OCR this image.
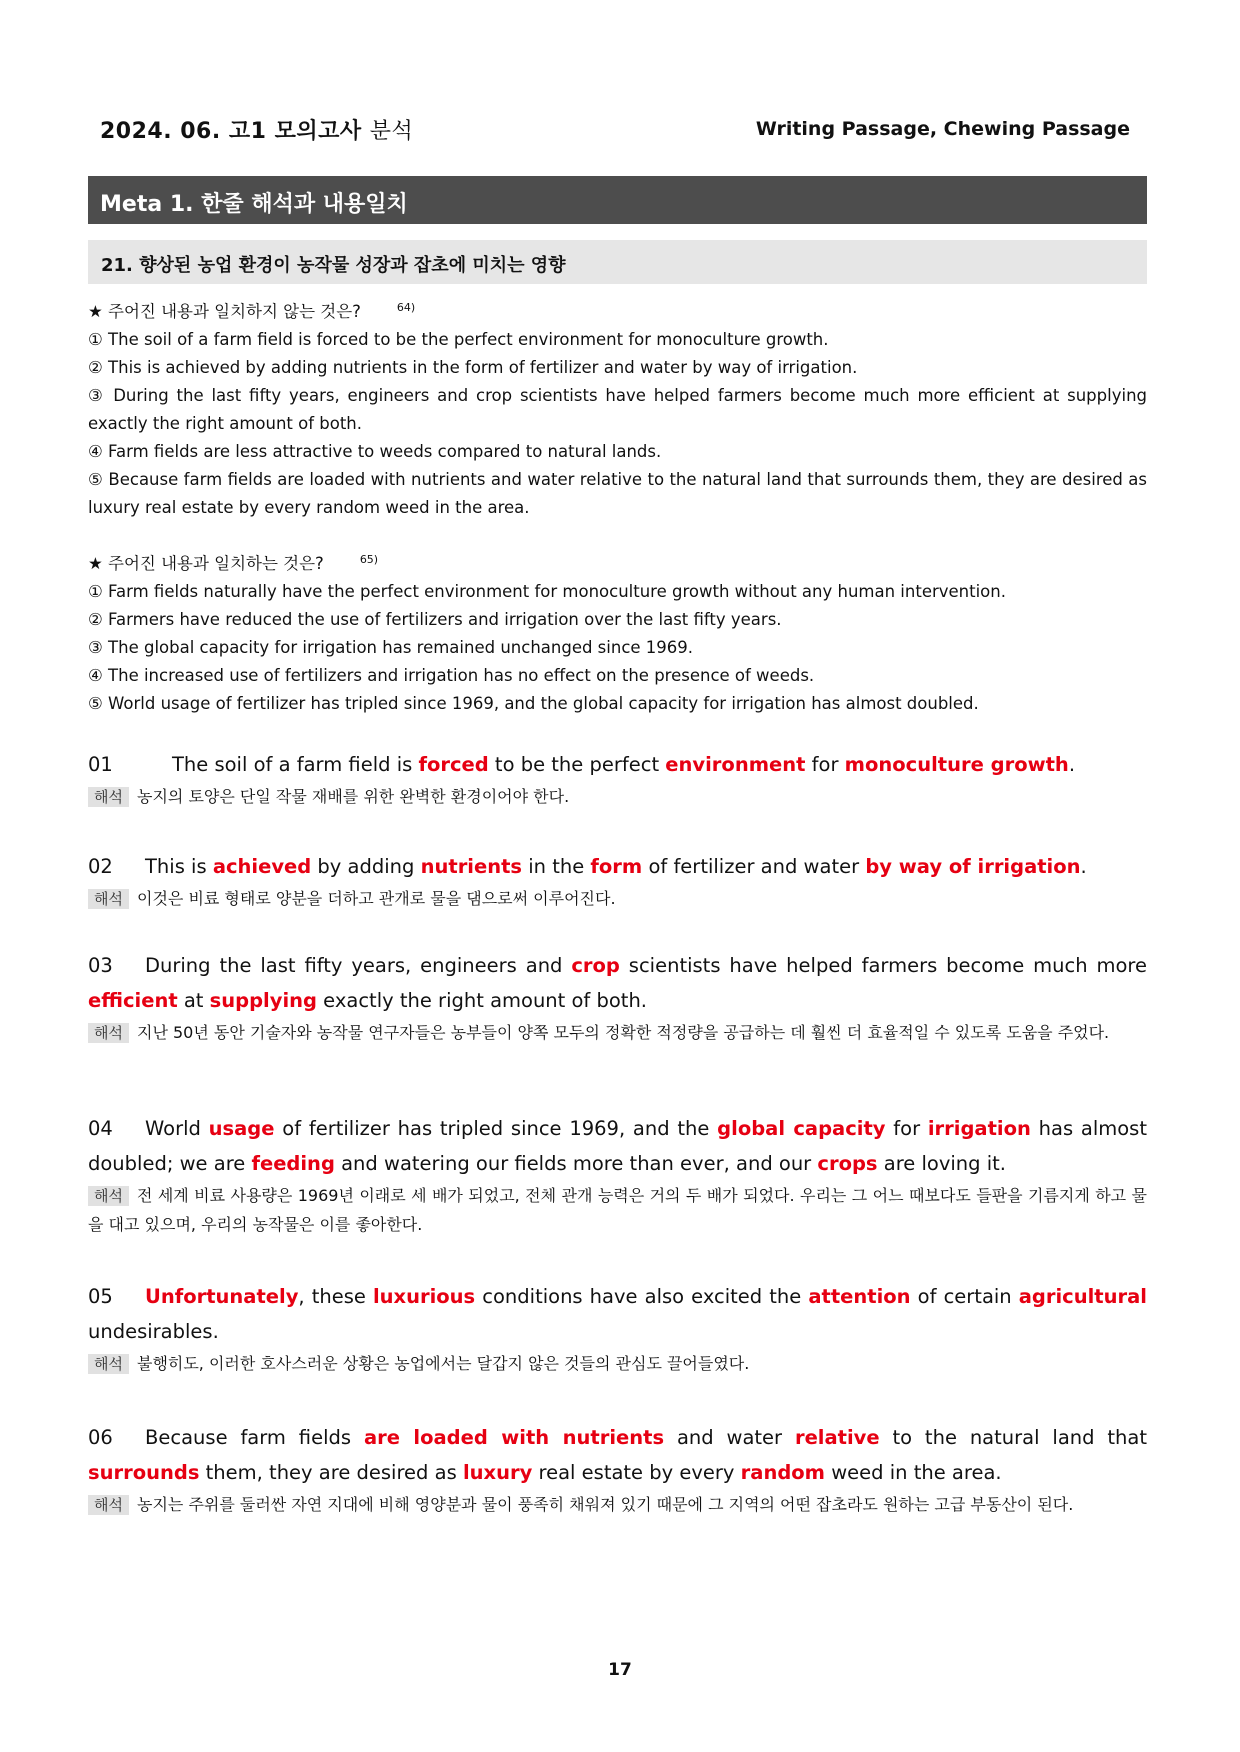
2024. 06. 고1 모의고사 분석	Writing Passage, Chewing Passage
Meta 1. 한줄 해석과 내용일치
21. 향상된 농업 환경이 농작물 성장과 잡초에 미치는 영향

★ 주어진 내용과 일치하지 않는 것은?	$^{64)}$

① The soil of a farm field is forced to be the perfect environment for monoculture growth.

② This is achieved by adding nutrients in the form of fertilizer and water by way of irrigation.

③ During the last fifty years, engineers and crop scientists have helped farmers become much more efficient at supplying exactly the right amount of both.

④ Farm fields are less attractive to weeds compared to natural lands.

⑤ Because farm fields are loaded with nutrients and water relative to the natural land that surrounds them, they are desired as luxury real estate by every random weed in the area.

★ 주어진 내용과 일치하는 것은?	$^{65)}$

① Farm fields naturally have the perfect environment for monoculture growth without any human intervention.

② Farmers have reduced the use of fertilizers and irrigation over the last fifty years.

③ The global capacity for irrigation has remained unchanged since 1969.

④ The increased use of fertilizers and irrigation has no effect on the presence of weeds.

⑤ World usage of fertilizer has tripled since 1969, and the global capacity for irrigation has almost doubled.

01	The soil of a farm field is forced to be the perfect environment for monoculture growth.

해석 농지의 토양은 단일 작물 재배를 위한 완벽한 환경이어야 한다.

02 This is achieved by adding nutrients in the form of fertilizer and water by way of irrigation.

해석 이것은 비료 형태로 양분을 더하고 관개로 물을 댐으로써 이루어진다.

03 During the last fifty years, engineers and crop scientists have helped farmers become much more efficient at supplying exactly the right amount of both.

해석 지난 50년 동안 기술자와 농작물 연구자들은 농부들이 양쪽 모두의 정확한 적정량을 공급하는 데 훨씬 더 효율적일 수 있도록 도움을 주었다.

04 World usage of fertilizer has tripled since 1969, and the global capacity for irrigation has almost doubled; we are feeding and watering our fields more than ever, and our crops are loving it.

해석 전 세계 비료 사용량은 1969년 이래로 세 배가 되었고, 전체 관개 능력은 거의 두 배가 되었다. 우리는 그 어느 때보다도 들판을 기름지게 하고 물을 대고 있으며, 우리의 농작물은 이를 좋아한다.

05 Unfortunately, these luxurious conditions have also excited the attention of certain agricultural undesirables.

해석 불행히도, 이러한 호사스러운 상황은 농업에서는 달갑지 않은 것들의 관심도 끌어들였다.

06 Because farm fields are loaded with nutrients and water relative to the natural land that surrounds them, they are desired as luxury real estate by every random weed in the area.

해석 농지는 주위를 둘러싼 자연 지대에 비해 영양분과 물이 풍족히 채워져 있기 때문에 그 지역의 어떤 잡초라도 원하는 고급 부동산이 된다.

17
